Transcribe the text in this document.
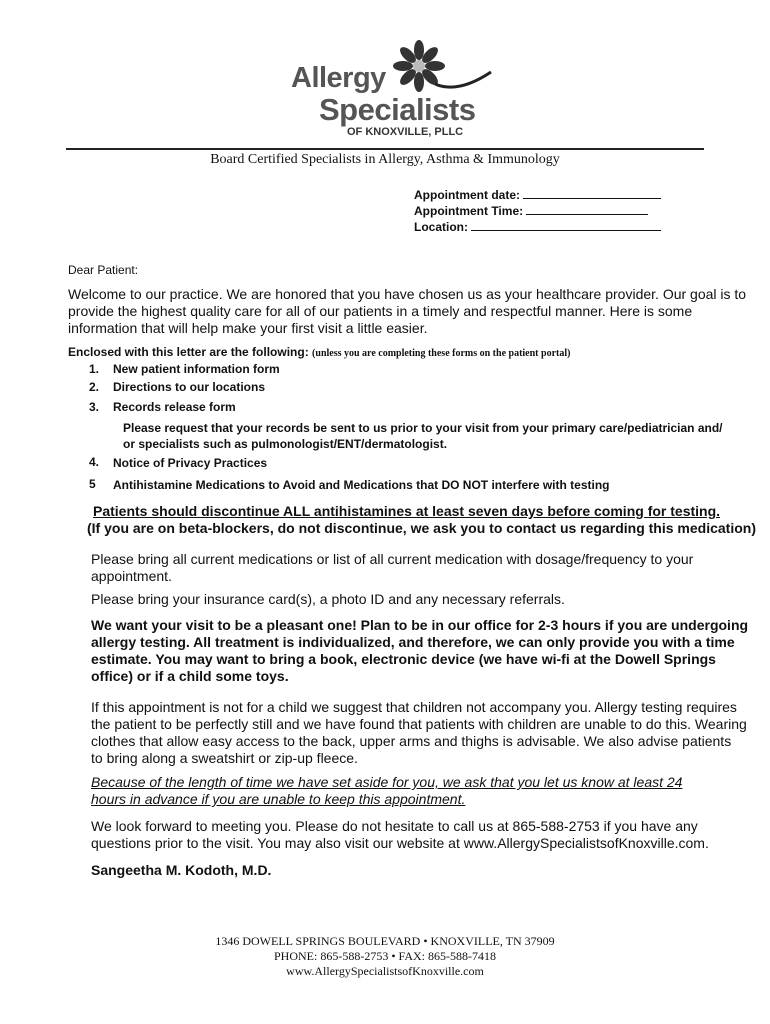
Allergy
Specialists
OF KNOXVILLE, PLLC
Board Certified Specialists in Allergy, Asthma & Immunology
Appointment date:
Appointment Time:
Location:
Dear Patient:
Welcome to our practice. We are honored that you have chosen us as your healthcare provider. Our goal is to provide the highest quality care for all of our patients in a timely and respectful manner. Here is some information that will help make your first visit a little easier.
Enclosed with this letter are the following: (unless you are completing these forms on the patient portal)
1. New patient information form
2. Directions to our locations
3. Records release form
Please request that your records be sent to us prior to your visit from your primary care/pediatrician and/
or specialists such as pulmonologist/ENT/dermatologist.
4. Notice of Privacy Practices
5 Antihistamine Medications to Avoid and Medications that DO NOT interfere with testing
Patients should discontinue ALL antihistamines at least seven days before coming for testing.
(If you are on beta-blockers, do not discontinue, we ask you to contact us regarding this medication)
Please bring all current medications or list of all current medication with dosage/frequency to your
appointment.
Please bring your insurance card(s), a photo ID and any necessary referrals.
We want your visit to be a pleasant one! Plan to be in our office for 2-3 hours if you are undergoing
allergy testing. All treatment is individualized, and therefore, we can only provide you with a time
estimate. You may want to bring a book, electronic device (we have wi-fi at the Dowell Springs
office) or if a child some toys.
If this appointment is not for a child we suggest that children not accompany you. Allergy testing requires
the patient to be perfectly still and we have found that patients with children are unable to do this. Wearing
clothes that allow easy access to the back, upper arms and thighs is advisable. We also advise patients
to bring along a sweatshirt or zip-up fleece.
Because of the length of time we have set aside for you, we ask that you let us know at least 24
hours in advance if you are unable to keep this appointment.
We look forward to meeting you. Please do not hesitate to call us at 865-588-2753 if you have any
questions prior to the visit. You may also visit our website at www.AllergySpecialistsofKnoxville.com.
Sangeetha M. Kodoth, M.D.
1346 DOWELL SPRINGS BOULEVARD • KNOXVILLE, TN 37909
PHONE: 865-588-2753 • FAX: 865-588-7418
www.AllergySpecialistsofKnoxville.com
